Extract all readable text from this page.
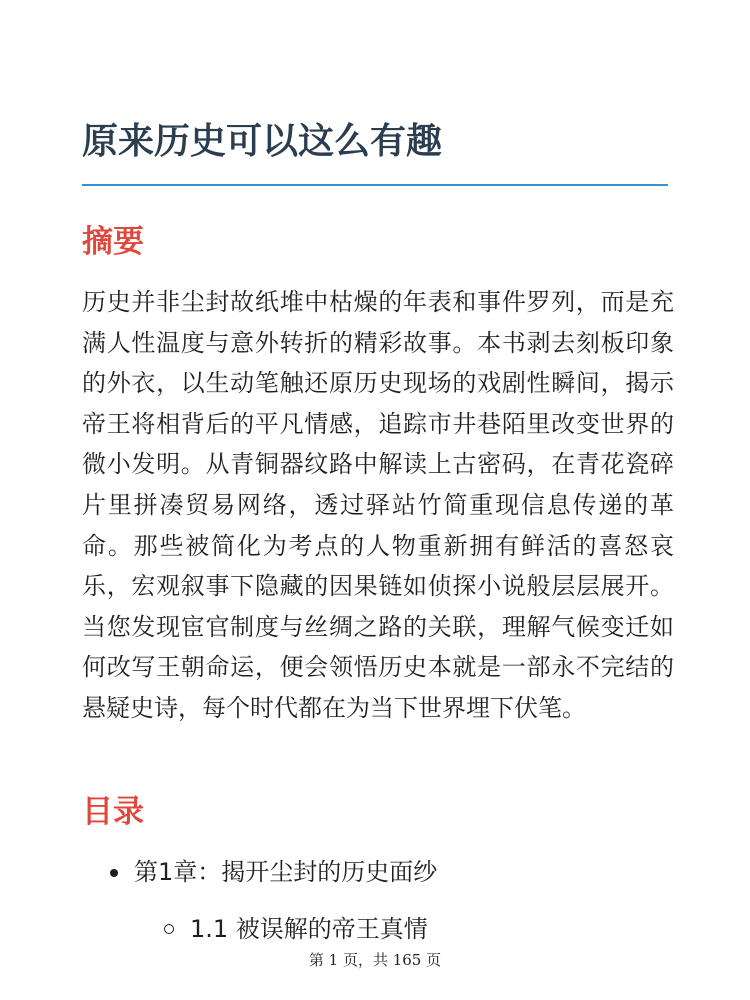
原来历史可以这么有趣
摘要

历史并非尘封故纸堆中枯燥的年表和事件罗列，而是充满人性温度与意外转折的精彩故事。本书剥去刻板印象的外衣，以生动笔触还原历史现场的戏剧性瞬间，揭示帝王将相背后的平凡情感，追踪市井巷陌里改变世界的微小发明。从青铜器纹路中解读上古密码，在青花瓷碎片里拼凑贸易网络，透过驿站竹简重现信息传递的革命。那些被简化为考点的人物重新拥有鲜活的喜怒哀乐，宏观叙事下隐藏的因果链如侦探小说般层层展开。当您发现宦官制度与丝绸之路的关联，理解气候变迁如何改写王朝命运，便会领悟历史本就是一部永不完结的悬疑史诗，每个时代都在为当下世界埋下伏笔。

目录
第1章：揭开尘封的历史面纱
1.1 被误解的帝王真情
第 1 页，共 165 页
